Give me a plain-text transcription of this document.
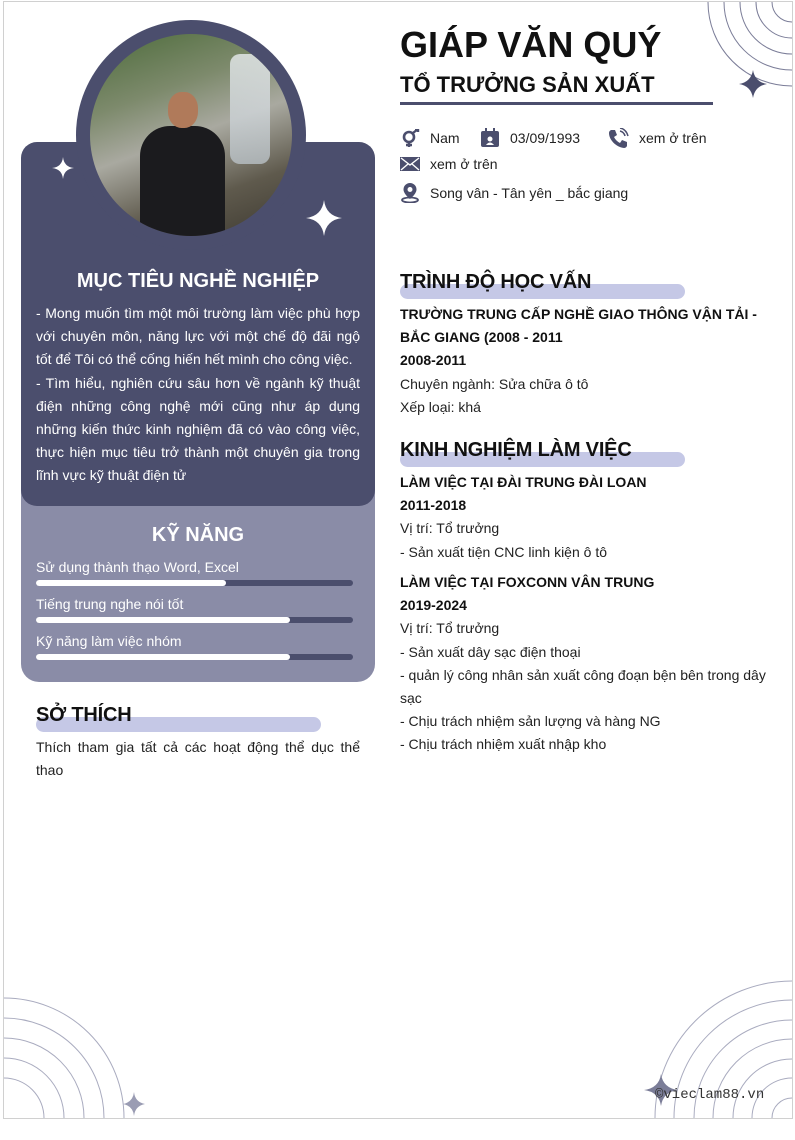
MỤC TIÊU NGHỀ NGHIỆP
- Mong muốn tìm một môi trường làm việc phù hợp với chuyên môn, năng lực với một chế độ đãi ngộ tốt để Tôi có thể cống hiến hết mình cho công việc.
- Tìm hiểu, nghiên cứu sâu hơn về ngành kỹ thuật điện những công nghệ mới cũng như áp dụng những kiến thức kinh nghiệm đã có vào công việc, thực hiện mục tiêu trở thành một chuyên gia trong lĩnh vực kỹ thuật điện tử
KỸ NĂNG
Sử dụng thành thạo Word, Excel
Tiếng trung nghe nói tốt
Kỹ năng làm việc nhóm
SỞ THÍCH
Thích tham gia tất cả các hoạt động thể dục thể thao
GIÁP VĂN QUÝ
TỔ TRƯỞNG SẢN XUẤT
Nam	03/09/1993	xem ở trên
xem ở trên
Song vân - Tân yên _ bắc giang
TRÌNH ĐỘ HỌC VẤN
TRƯỜNG TRUNG CẤP NGHỀ GIAO THÔNG VẬN TẢI - BẮC GIANG (2008 - 2011
2008-2011
Chuyên ngành: Sửa chữa ô tô
Xếp loại: khá
KINH NGHIỆM LÀM VIỆC
LÀM VIỆC TẠI ĐÀI TRUNG ĐÀI LOAN
2011-2018
Vị trí: Tổ trưởng
- Sản xuất tiện CNC linh kiện ô tô
LÀM VIỆC TẠI FOXCONN VÂN TRUNG
2019-2024
Vị trí: Tổ trưởng
- Sản xuất dây sạc điện thoại
- quản lý công nhân sản xuất công đoạn bện bên trong dây sạc
- Chịu trách nhiệm sản lượng và hàng NG
- Chịu trách nhiệm xuất nhập kho
©vieclam88.vn
